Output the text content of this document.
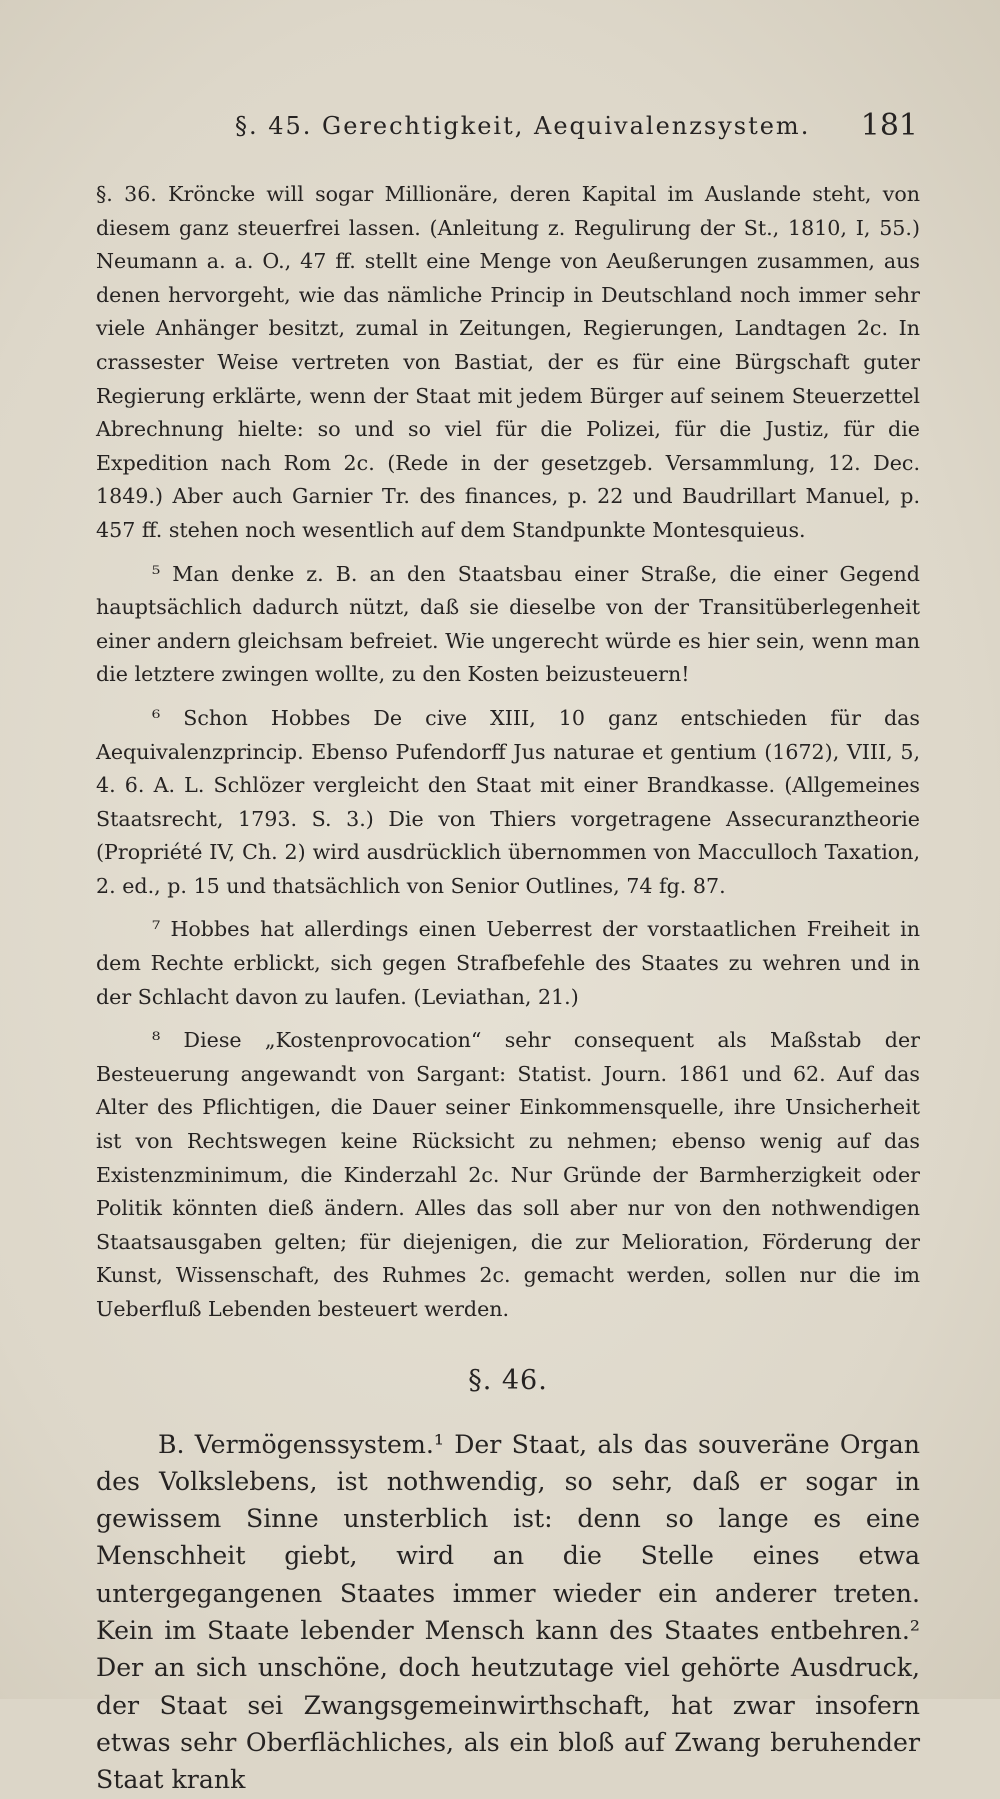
§. 45. Gerechtigkeit, Aequivalenzsystem. 181

§. 36. Kröncke will sogar Millionäre, deren Kapital im Auslande steht, von diesem ganz steuerfrei lassen. (Anleitung z. Regulirung der St., 1810, I, 55.) Neumann a. a. O., 47 ff. stellt eine Menge von Aeußerungen zusammen, aus denen hervorgeht, wie das nämliche Princip in Deutschland noch immer sehr viele Anhänger besitzt, zumal in Zeitungen, Regierungen, Landtagen 2c. In crassester Weise vertreten von Bastiat, der es für eine Bürgschaft guter Regierung erklärte, wenn der Staat mit jedem Bürger auf seinem Steuerzettel Abrechnung hielte: so und so viel für die Polizei, für die Justiz, für die Expedition nach Rom 2c. (Rede in der gesetzgeb. Versammlung, 12. Dec. 1849.) Aber auch Garnier Tr. des finances, p. 22 und Baudrillart Manuel, p. 457 ff. stehen noch wesentlich auf dem Standpunkte Montesquieus.

⁵ Man denke z. B. an den Staatsbau einer Straße, die einer Gegend hauptsächlich dadurch nützt, daß sie dieselbe von der Transitüberlegenheit einer andern gleichsam befreiet. Wie ungerecht würde es hier sein, wenn man die letztere zwingen wollte, zu den Kosten beizusteuern!

⁶ Schon Hobbes De cive XIII, 10 ganz entschieden für das Aequivalenzprincip. Ebenso Pufendorff Jus naturae et gentium (1672), VIII, 5, 4. 6. A. L. Schlözer vergleicht den Staat mit einer Brandkasse. (Allgemeines Staatsrecht, 1793. S. 3.) Die von Thiers vorgetragene Assecuranztheorie (Propriété IV, Ch. 2) wird ausdrücklich übernommen von Macculloch Taxation, 2. ed., p. 15 und thatsächlich von Senior Outlines, 74 fg. 87.

⁷ Hobbes hat allerdings einen Ueberrest der vorstaatlichen Freiheit in dem Rechte erblickt, sich gegen Strafbefehle des Staates zu wehren und in der Schlacht davon zu laufen. (Leviathan, 21.)

⁸ Diese „Kostenprovocation“ sehr consequent als Maßstab der Besteuerung angewandt von Sargant: Statist. Journ. 1861 und 62. Auf das Alter des Pflichtigen, die Dauer seiner Einkommensquelle, ihre Unsicherheit ist von Rechtswegen keine Rücksicht zu nehmen; ebenso wenig auf das Existenzminimum, die Kinderzahl 2c. Nur Gründe der Barmherzigkeit oder Politik könnten dieß ändern. Alles das soll aber nur von den nothwendigen Staatsausgaben gelten; für diejenigen, die zur Melioration, Förderung der Kunst, Wissenschaft, des Ruhmes 2c. gemacht werden, sollen nur die im Ueberfluß Lebenden besteuert werden.

§. 46.

B. Vermögenssystem.¹ Der Staat, als das souveräne Organ des Volkslebens, ist nothwendig, so sehr, daß er sogar in gewissem Sinne unsterblich ist: denn so lange es eine Menschheit giebt, wird an die Stelle eines etwa untergegangenen Staates immer wieder ein anderer treten. Kein im Staate lebender Mensch kann des Staates entbehren.² Der an sich unschöne, doch heutzutage viel gehörte Ausdruck, der Staat sei Zwangsgemeinwirthschaft, hat zwar insofern etwas sehr Oberflächliches, als ein bloß auf Zwang beruhender Staat krank
